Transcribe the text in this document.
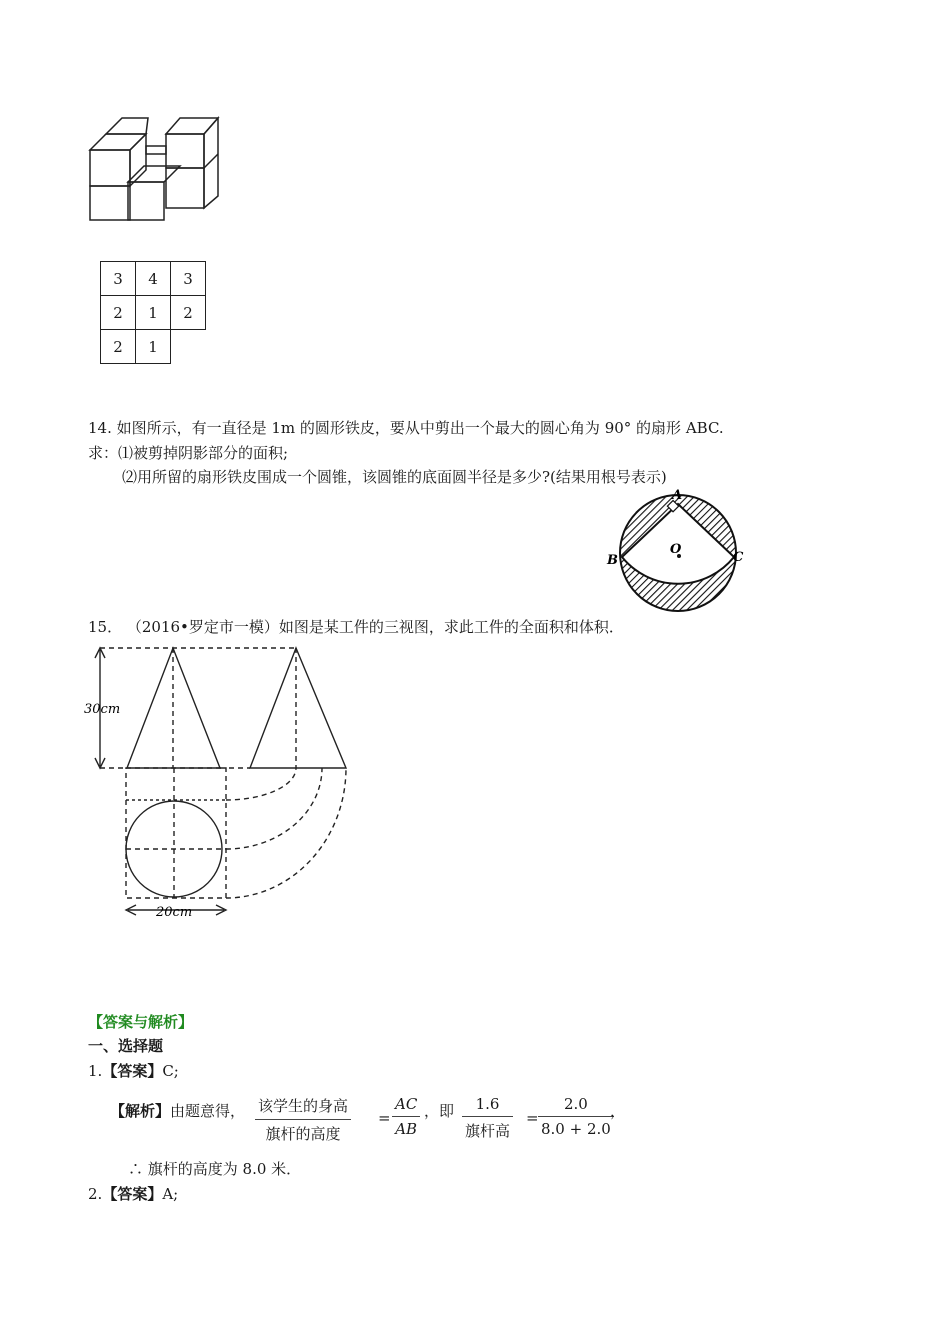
3	4	3
2	1	2
2	1	
14. 如图所示，有一直径是 1m 的圆形铁皮，要从中剪出一个最大的圆心角为 90° 的扇形 ABC.
求：⑴被剪掉阴影部分的面积;
⑵用所留的扇形铁皮围成一个圆锥，该圆锥的底面圆半径是多少?(结果用根号表示)
A
B	C
O
15． （2016•罗定市一模）如图是某工件的三视图，求此工件的全面积和体积．
30cm
20cm
【答案与解析】
一、选择题
1.【答案】C;
【解析】由题意得， 该学生的身高
旗杆的高度
= $\frac{AC}{AB}$ ，即	1.6
旗杆高
= $\frac{2.0}{8.0 + 2.0}$
，
∴ 旗杆的高度为 8.0 米．
2.【答案】A;
